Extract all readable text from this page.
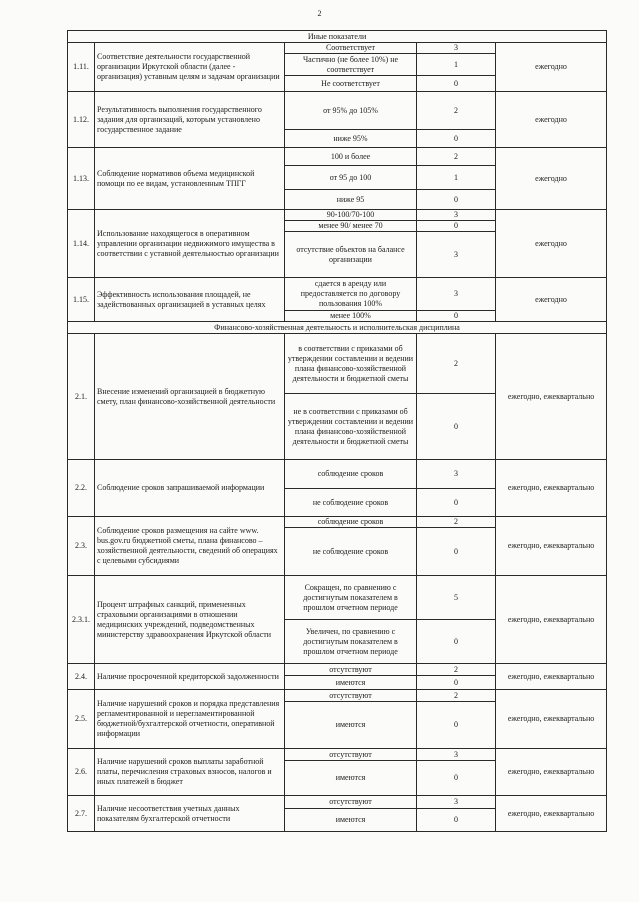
2
Иные показатели				
1.11.	Соответствие деятельности государственной организации Иркутской области (далее - организация) уставным целям и задачам организации	Соответствует	3	ежегодно
		Частично (не более 10%) не соответствует	1	
		Не соответствует	0	
1.12.	Результативность выполнения государственного задания для организаций, которым установлено государственное задание	от 95% до 105%	2	ежегодно
		ниже 95%	0	
1.13.	Соблюдение нормативов объема медицинской помощи по ее видам, установленным ТПГГ	100 и более	2	ежегодно
		от 95 до 100	1	
		ниже 95	0	
1.14.	Использование находящегося в оперативном управлении организации недвижимого имущества в соответствии с уставной деятельностью организации	90-100/70-100	3	ежегодно
		менее 90/ менее 70	0	
		отсутствие объектов на балансе организации	3	
1.15.	Эффективность использования площадей, не задействованных организацией в уставных целях	сдается в аренду или предоставляется по договору пользования 100%	3	ежегодно
		менее 100%	0	
Финансово-хозяйственная деятельность и исполнительская дисциплина				
2.1.	Внесение изменений организацией в бюджетную смету, план финансово-хозяйственной деятельности	в соответствии с приказами об утверждении составлении и ведении плана финансово-хозяйственной деятельности и бюджетной сметы	2	ежегодно, ежеквартально
		не в соответствии с приказами об утверждении составлении и ведении плана финансово-хозяйственной деятельности и бюджетной сметы	0	
2.2.	Соблюдение сроков запрашиваемой информации	соблюдение сроков	3	ежегодно, ежеквартально
		не соблюдение сроков	0	
2.3.	Соблюдение сроков размещения на сайте www. bus.gov.ru бюджетной сметы, плана финансово – хозяйственной деятельности, сведений об операциях с целевыми субсидиями	соблюдение сроков	2	ежегодно, ежеквартально
		не соблюдение сроков	0	
2.3.1.	Процент штрафных санкций, примененных страховыми организациями в отношении медицинских учреждений, подведомственных министерству здравоохранения Иркутской области	Сокращен, по сравнению с достигнутым показателем в прошлом отчетном периоде	5	ежегодно, ежеквартально
		Увеличен, по сравнению с достигнутым показателем в прошлом отчетном периоде	0	
2.4.	Наличие просроченной кредиторской задолженности	отсутствуют	2	ежегодно, ежеквартально
		имеются	0	
2.5.	Наличие нарушений сроков и порядка представления регламентированной и нерегламентированной бюджетной/бухгалтерской отчетности, оперативной информации	отсутствуют	2	ежегодно, ежеквартально
		имеются	0	
2.6.	Наличие нарушений сроков выплаты заработной платы, перечисления страховых взносов, налогов и иных платежей в бюджет	отсутствуют	3	ежегодно, ежеквартально
		имеются	0	
2.7.	Наличие несоответствия учетных данных показателям бухгалтерской отчетности	отсутствуют	3	ежегодно, ежеквартально
		имеются	0	
